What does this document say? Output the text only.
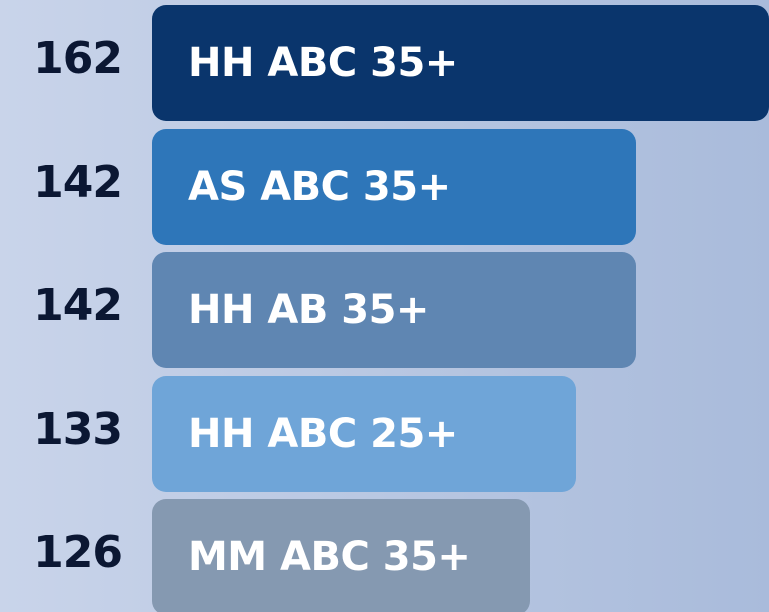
162 HH ABC 35+
142 AS ABC 35+
142 HH AB 35+
133 HH ABC 25+
126 MM ABC 35+
